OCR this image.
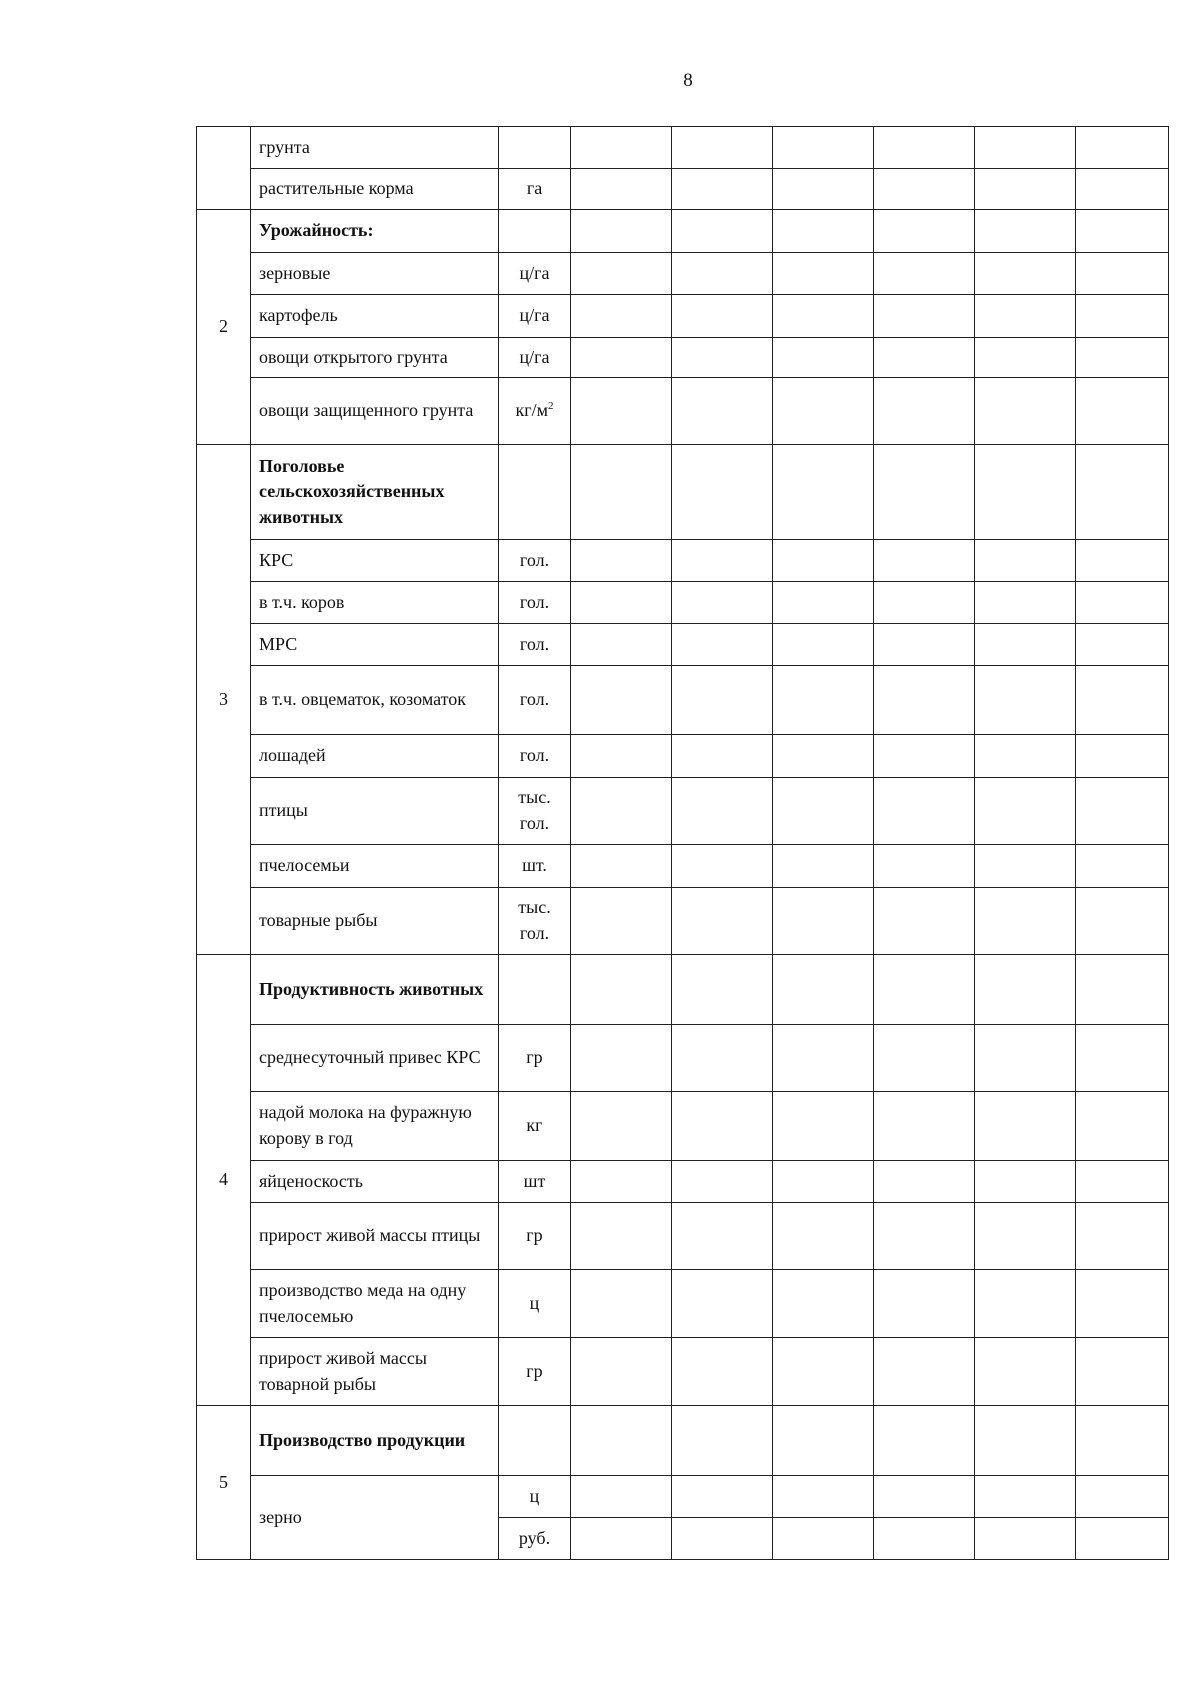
8
	грунта							
	растительные корма	га						
2	Урожайность:							
	зерновые	ц/га						
	картофель	ц/га						
	овощи открытого грунта	ц/га						
	овощи защищенного грунта	$кг/м^2$						
3	Поголовье сельскохозяйственных животных							
	КРС	гол.						
	в т.ч. коров	гол.						
	МРС	гол.						
	в т.ч. овцематок, козоматок	гол.						
	лошадей	гол.						
	птицы	тыс. гол.						
	пчелосемьи	шт.						
	товарные рыбы	тыс. гол.						
4	Продуктивность животных							
	среднесуточный привес КРС	гр						
	надой молока на фуражную корову в год	кг						
	яйценоскость	шт						
	прирост живой массы птицы	гр						
	производство меда на одну пчелосемью	ц						
	прирост живой массы товарной рыбы	гр						
5	Производство продукции							
	зерно	ц						
		руб.						
